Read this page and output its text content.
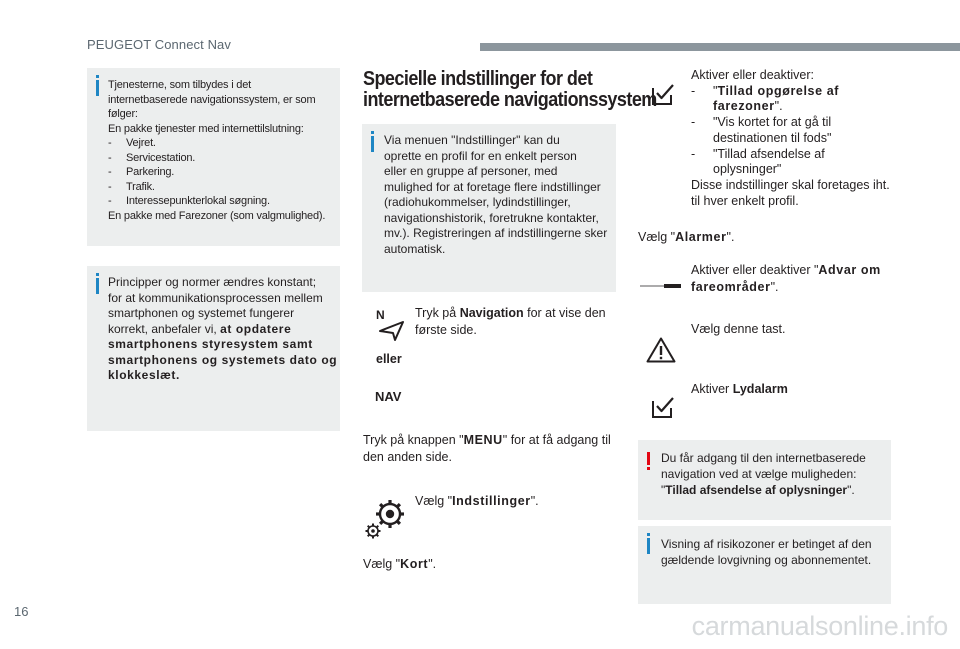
PEUGEOT Connect Nav
16	carmanualsonline.info
Tjenesterne, som tilbydes i det
internetbaserede navigationssystem, er som
følger:
En pakke tjenester med internettilslutning:
-	Vejret.
-	Servicestation.
-	Parkering.
-	Trafik.
-	Interessepunkterlokal søgning.
En pakke med Farezoner (som valgmulighed).
Principper og normer ændres konstant;
for at kommunikationsprocessen mellem
smartphonen og systemet fungerer
korrekt, anbefaler vi, at opdatere
smartphonens styresystem samt
smartphonens og systemets dato og
klokkeslæt.
Specielle indstillinger for det
internetbaserede navigationssystem
Via menuen "Indstillinger" kan du
oprette en profil for en enkelt person
eller en gruppe af personer, med
mulighed for at foretage flere indstillinger
(radiohukommelser, lydindstillinger,
navigationshistorik, foretrukne kontakter,
mv.). Registreringen af indstillingerne sker
automatisk.
N
eller
NAV
Tryk på Navigation for at vise den
første side.
Tryk på knappen "MENU" for at få adgang til
den anden side.
Vælg "Indstillinger".
Vælg "Kort".
Aktiver eller deaktiver:
-	"Tillad opgørelse af
farezoner".
-	"Vis kortet for at gå til
destinationen til fods"
-	"Tillad afsendelse af
oplysninger"
Disse indstillinger skal foretages iht.
til hver enkelt profil.
Vælg "Alarmer".
Aktiver eller deaktiver "Advar om
fareområder".
Vælg denne tast.
Aktiver Lydalarm
Du får adgang til den internetbaserede
navigation ved at vælge muligheden:
"Tillad afsendelse af oplysninger".
Visning af risikozoner er betinget af den
gældende lovgivning og abonnementet.
